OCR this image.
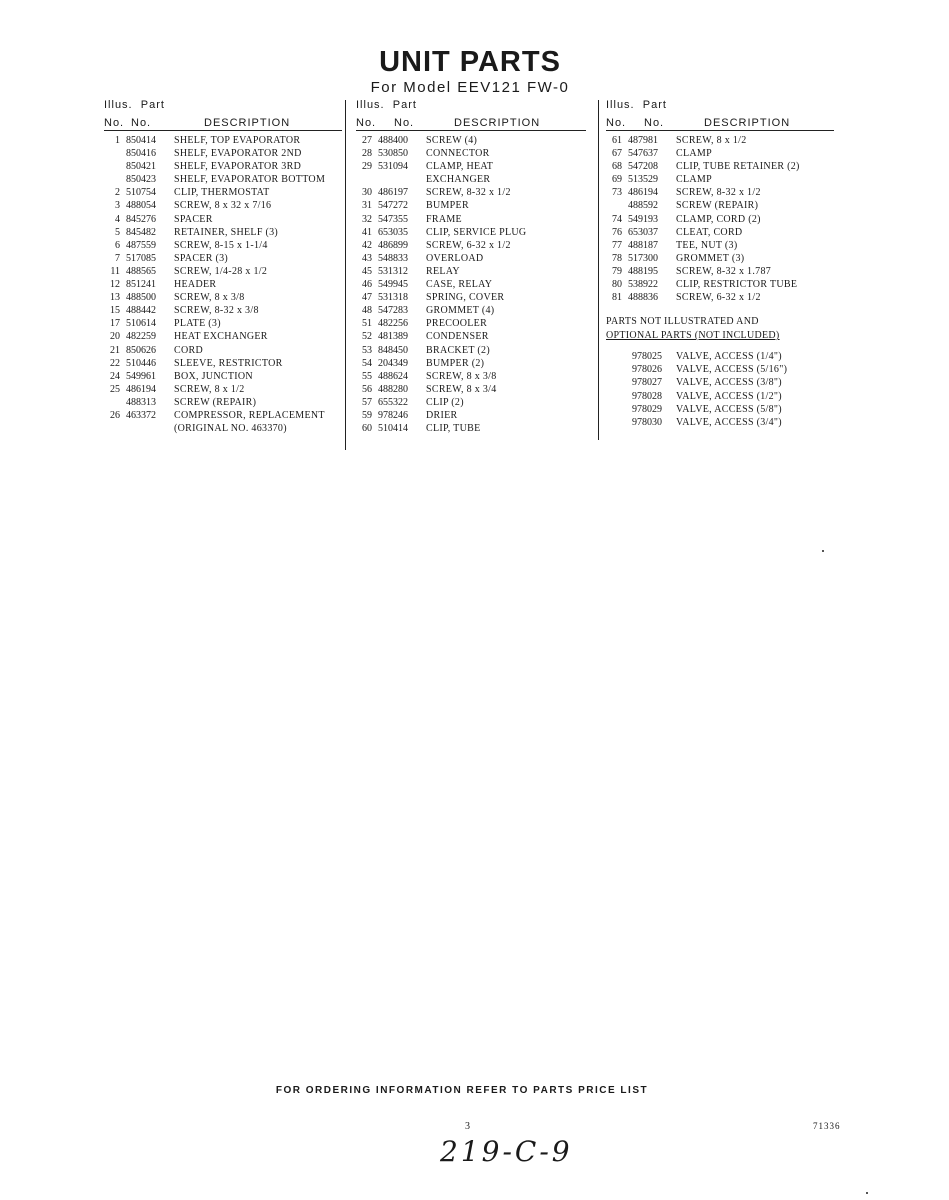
UNIT PARTS
For Model EEV121 FW-0
Illus. Part
No. No.	DESCRIPTION
1 850414 SHELF, TOP EVAPORATOR
850416 SHELF, EVAPORATOR 2ND
850421 SHELF, EVAPORATOR 3RD
850423 SHELF, EVAPORATOR BOTTOM
2 510754 CLIP, THERMOSTAT
3 488054 SCREW, 8 x 32 x 7/16
4 845276 SPACER
5 845482 RETAINER, SHELF (3)
6 487559 SCREW, 8-15 x 1-1/4
7 517085 SPACER (3)
11 488565 SCREW, 1/4-28 x 1/2
12 851241 HEADER
13 488500 SCREW, 8 x 3/8
15 488442 SCREW, 8-32 x 3/8
17 510614 PLATE (3)
20 482259 HEAT EXCHANGER
21 850626 CORD
22 510446 SLEEVE, RESTRICTOR
24 549961 BOX, JUNCTION
25 486194 SCREW, 8 x 1/2
488313 SCREW (REPAIR)
26 463372 COMPRESSOR, REPLACEMENT
(ORIGINAL NO. 463370)
Illus. Part
No. No.	DESCRIPTION
27 488400 SCREW (4)
28 530850 CONNECTOR
29 531094 CLAMP, HEAT
EXCHANGER
30 486197 SCREW, 8-32 x 1/2
31 547272 BUMPER
32 547355 FRAME
41 653035 CLIP, SERVICE PLUG
42 486899 SCREW, 6-32 x 1/2
43 548833 OVERLOAD
45 531312 RELAY
46 549945 CASE, RELAY
47 531318 SPRING, COVER
48 547283 GROMMET (4)
51 482256 PRECOOLER
52 481389 CONDENSER
53 848450 BRACKET (2)
54 204349 BUMPER (2)
55 488624 SCREW, 8 x 3/8
56 488280 SCREW, 8 x 3/4
57 655322 CLIP (2)
59 978246 DRIER
60 510414 CLIP, TUBE
Illus. Part
No. No.	DESCRIPTION
61 487981 SCREW, 8 x 1/2
67 547637 CLAMP
68 547208 CLIP, TUBE RETAINER (2)
69 513529 CLAMP
73 486194 SCREW, 8-32 x 1/2
488592 SCREW (REPAIR)
74 549193 CLAMP, CORD (2)
76 653037 CLEAT, CORD
77 488187 TEE, NUT (3)
78 517300 GROMMET (3)
79 488195 SCREW, 8-32 x 1.787
80 538922 CLIP, RESTRICTOR TUBE
81 488836 SCREW, 6-32 x 1/2
PARTS NOT ILLUSTRATED AND
OPTIONAL PARTS (NOT INCLUDED)
978025 VALVE, ACCESS (1/4")
978026 VALVE, ACCESS (5/16")
978027 VALVE, ACCESS (3/8")
978028 VALVE, ACCESS (1/2")
978029 VALVE, ACCESS (5/8")
978030 VALVE, ACCESS (3/4")
FOR ORDERING INFORMATION REFER TO PARTS PRICE LIST
3	71336
219-C-9
